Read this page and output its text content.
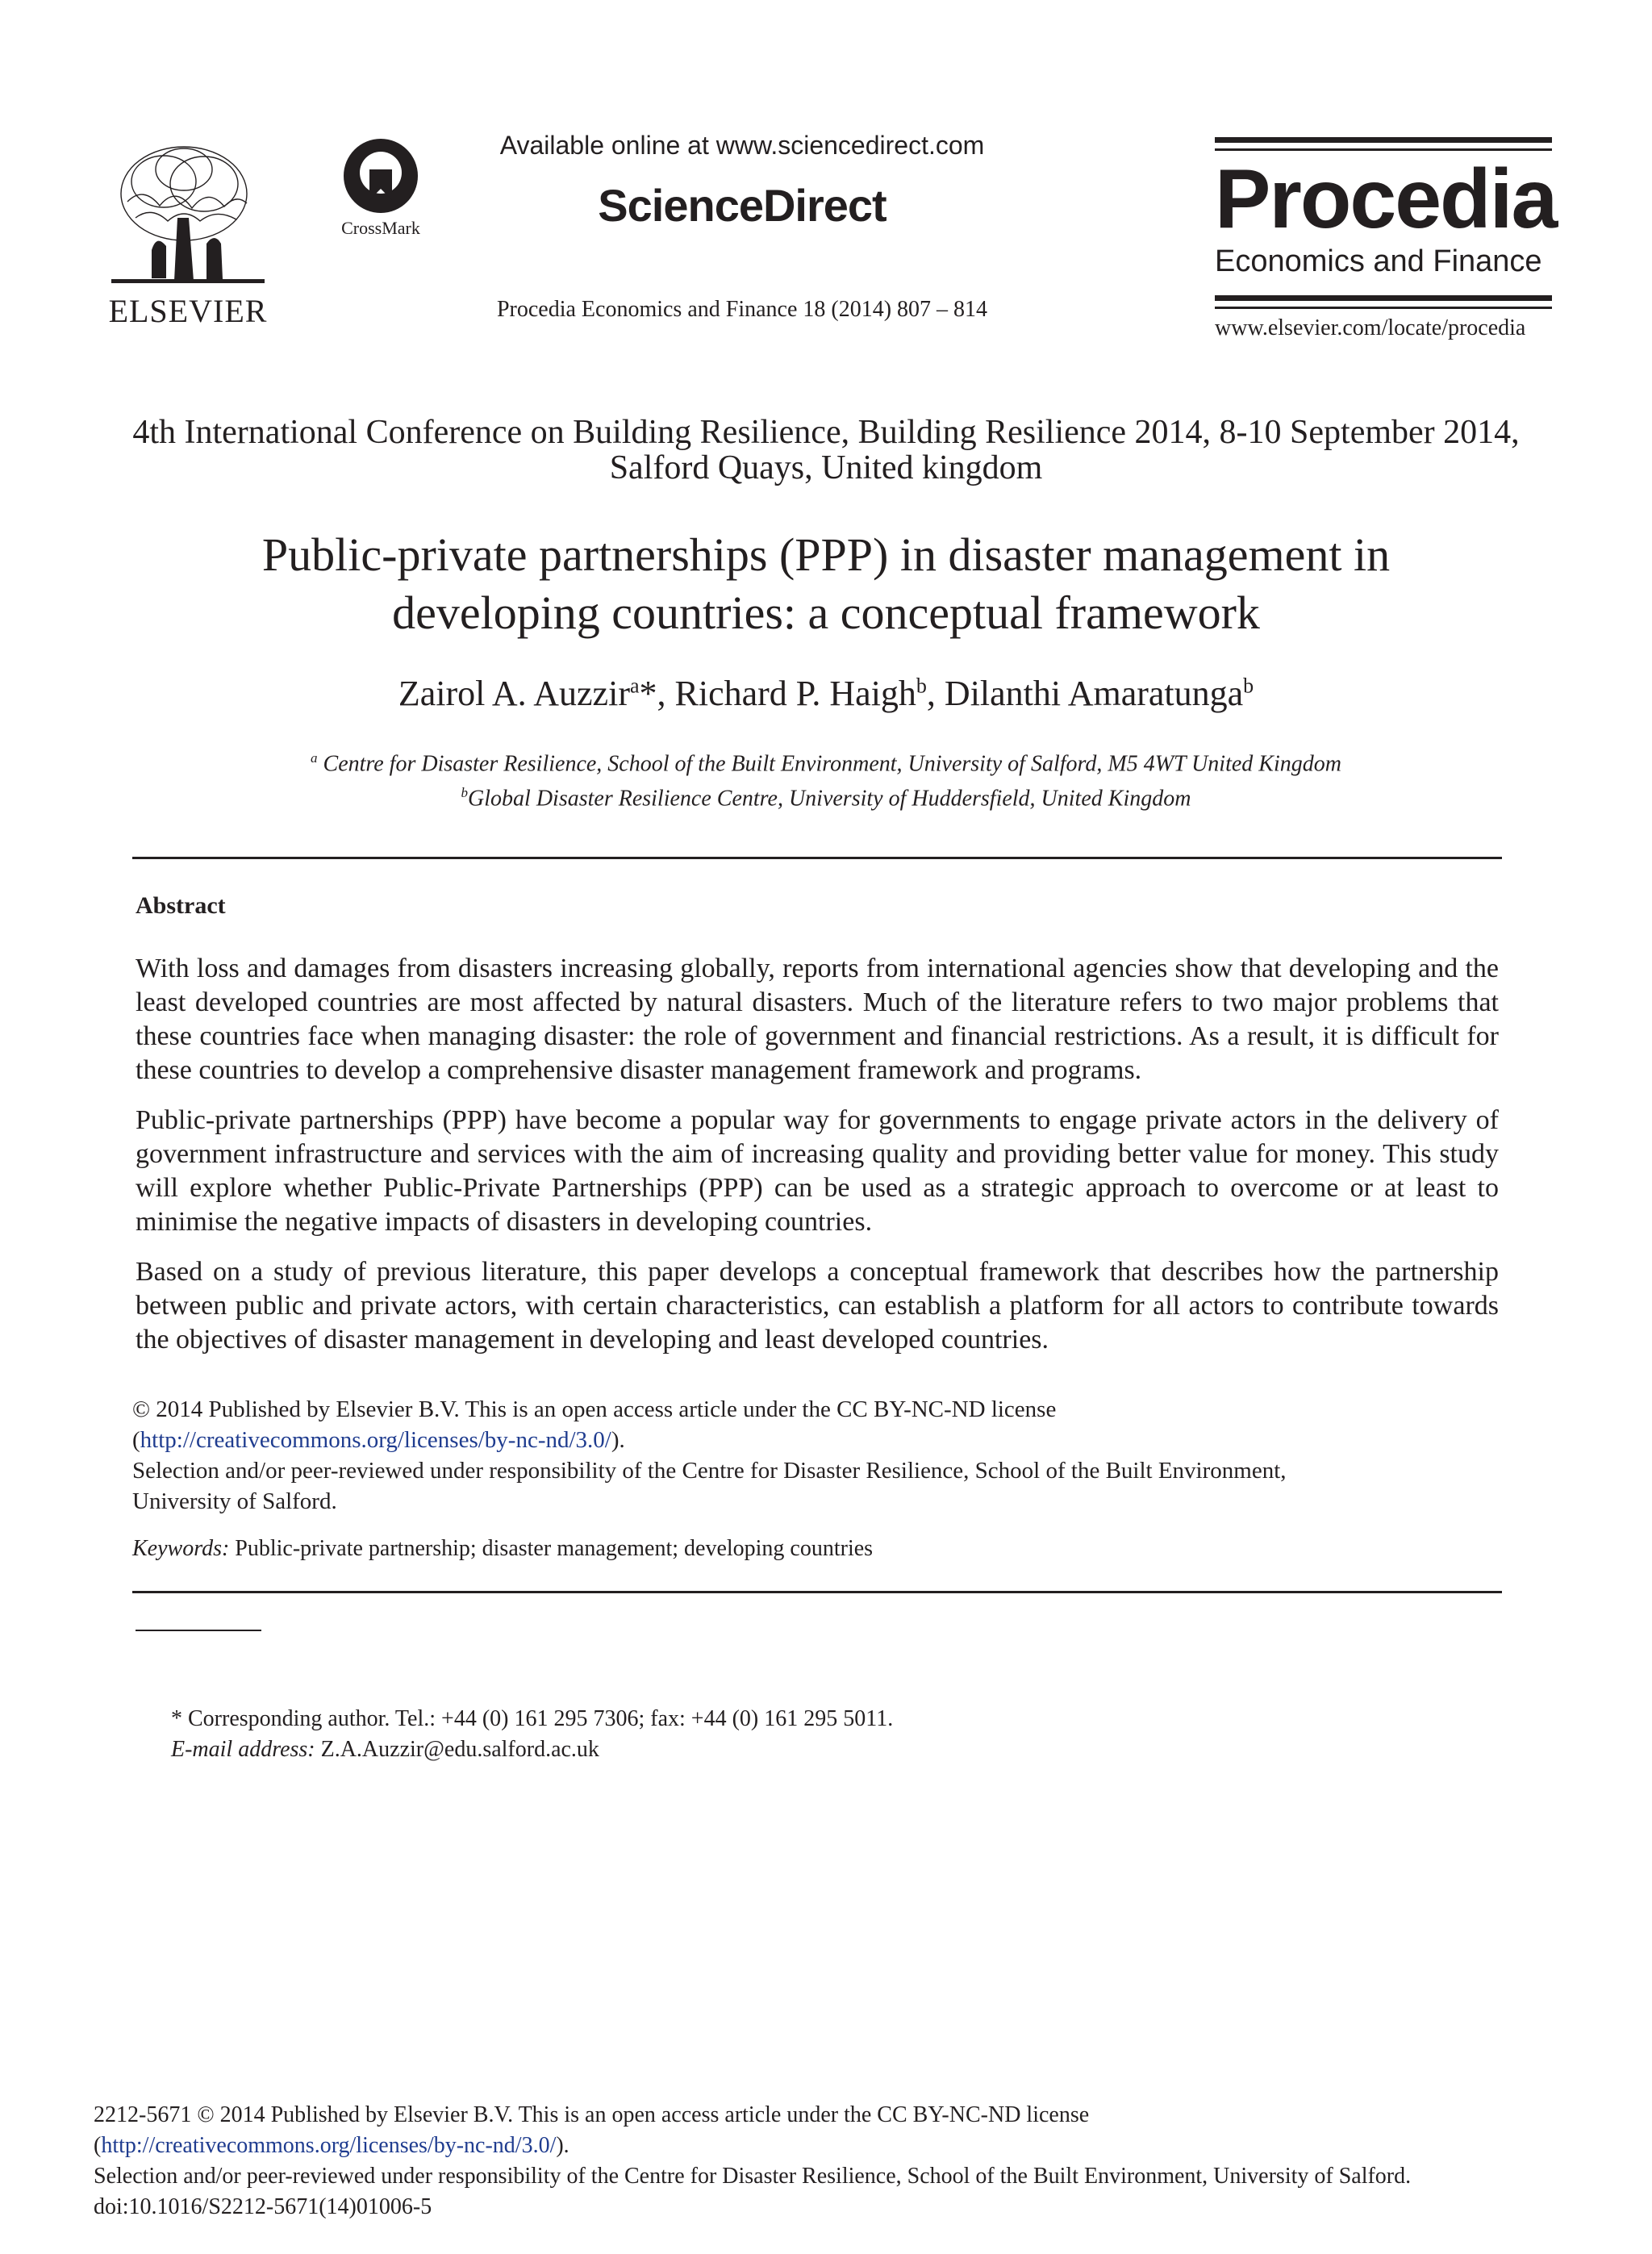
ELSEVIER
CrossMark
Available online at www.sciencedirect.com
ScienceDirect
Procedia Economics and Finance 18 (2014) 807 – 814
Procedia
Economics and Finance
www.elsevier.com/locate/procedia
4th International Conference on Building Resilience, Building Resilience 2014, 8-10 September 2014, Salford Quays, United kingdom
Public-private partnerships (PPP) in disaster management in
developing countries: a conceptual framework
Zairol A. Auzzir$^a$*, Richard P. Haigh$^b$, Dilanthi Amaratunga$^b$
$^a$ Centre for Disaster Resilience, School of the Built Environment, University of Salford, M5 4WT United Kingdom
$^b$Global Disaster Resilience Centre, University of Huddersfield, United Kingdom
Abstract

With loss and damages from disasters increasing globally, reports from international agencies show that developing and the least developed countries are most affected by natural disasters. Much of the literature refers to two major problems that these countries face when managing disaster: the role of government and financial restrictions. As a result, it is difficult for these countries to develop a comprehensive disaster management framework and programs.

Public-private partnerships (PPP) have become a popular way for governments to engage private actors in the delivery of government infrastructure and services with the aim of increasing quality and providing better value for money. This study will explore whether Public-Private Partnerships (PPP) can be used as a strategic approach to overcome or at least to minimise the negative impacts of disasters in developing countries.

Based on a study of previous literature, this paper develops a conceptual framework that describes how the partnership between public and private actors, with certain characteristics, can establish a platform for all actors to contribute towards the objectives of disaster management in developing and least developed countries.

© 2014 Published by Elsevier B.V. This is an open access article under the CC BY-NC-ND license
(http://creativecommons.org/licenses/by-nc-nd/3.0/).
Selection and/or peer-reviewed under responsibility of the Centre for Disaster Resilience, School of the Built Environment,
University of Salford.
Keywords: Public-private partnership; disaster management; developing countries
* Corresponding author. Tel.: +44 (0) 161 295 7306; fax: +44 (0) 161 295 5011.
E-mail address: Z.A.Auzzir@edu.salford.ac.uk
2212-5671 © 2014 Published by Elsevier B.V. This is an open access article under the CC BY-NC-ND license
(http://creativecommons.org/licenses/by-nc-nd/3.0/).
Selection and/or peer-reviewed under responsibility of the Centre for Disaster Resilience, School of the Built Environment, University of Salford.
doi:10.1016/S2212-5671(14)01006-5
